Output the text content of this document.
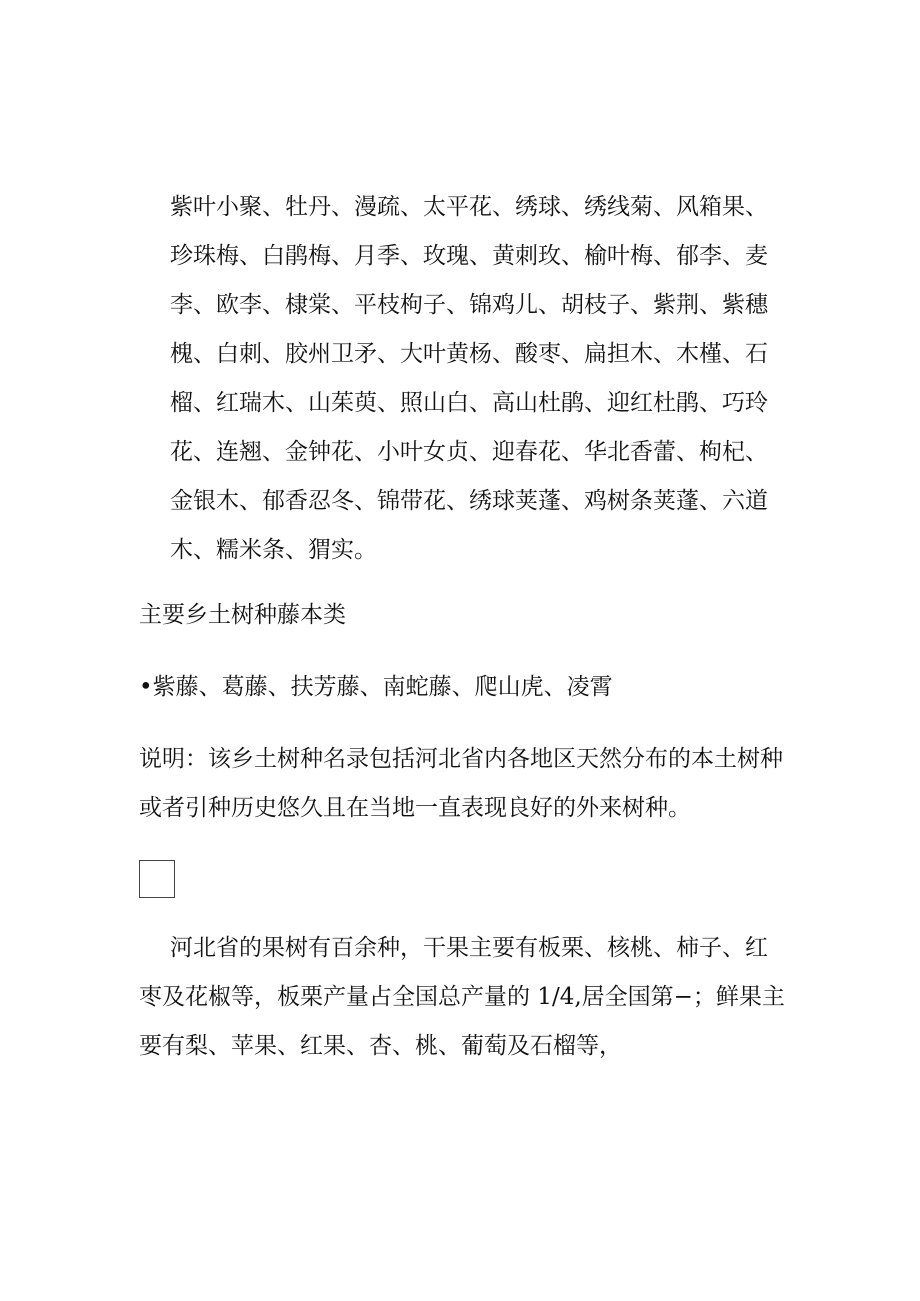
紫叶小聚、牡丹、漫疏、太平花、绣球、绣线菊、风箱果、
珍珠梅、白鹃梅、月季、玫瑰、黄刺玫、榆叶梅、郁李、麦
李、欧李、棣棠、平枝枸子、锦鸡儿、胡枝子、紫荆、紫穗
槐、白刺、胶州卫矛、大叶黄杨、酸枣、扁担木、木槿、石
榴、红瑞木、山茱萸、照山白、高山杜鹃、迎红杜鹃、巧玲
花、连翘、金钟花、小叶女贞、迎春花、华北香蕾、枸杞、
金银木、郁香忍冬、锦带花、绣球荚蓬、鸡树条荚蓬、六道
木、糯米条、猬实。
主要乡土树种藤本类
•紫藤、葛藤、扶芳藤、南蛇藤、爬山虎、凌霄
说明：该乡土树种名录包括河北省内各地区天然分布的本土树种
或者引种历史悠久且在当地一直表现良好的外来树种。
河北省的果树有百余种，干果主要有板栗、核桃、柿子、红
枣及花椒等，板栗产量占全国总产量的 1/4,居全国第−；鲜果主
要有梨、苹果、红果、杏、桃、葡萄及石榴等，
